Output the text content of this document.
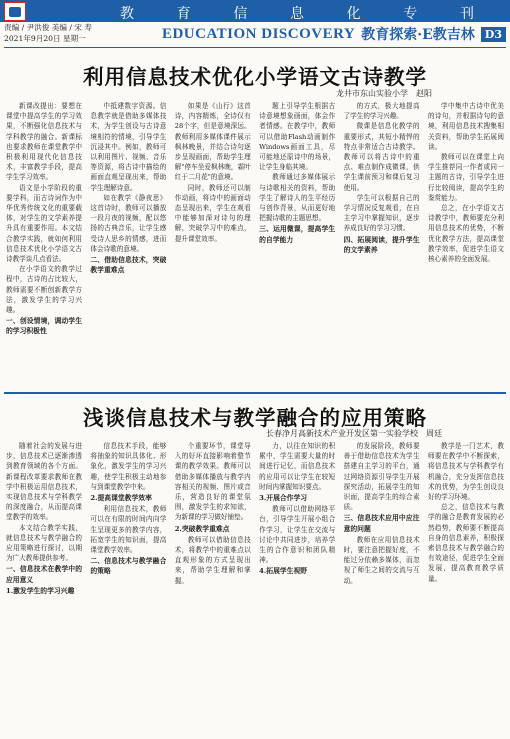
教	育	信	息	化	专	刊
责编 / 尹洪俊 美编 / 宋 寿
2021年9月20日 星期一	EDUCATION DISCOVERY 教育探索·E教吉林 D3
利用信息技术优化小学语文古诗教学
龙井市东山实验小学　赵阳

新课改提出：要想在课堂中提高学生的学习效果，不断强化信息技术与学科教学的融合。新课标也要求教师在课堂教学中积极利用现代化信息技术，丰富教学手段，提高学生学习效率。

语文是小学阶段的重要学科，而古诗词作为中华优秀传统文化的重要载体，对学生的文学素养提升具有重要作用。本文结合教学实践，就如何利用信息技术优化小学语文古诗教学谈几点看法。

在小学语文的教学过程中，古诗的占比较大，教师需要不断创新教学方法，激发学生的学习兴趣。

一、创设情境，调动学生的学习积极性

中抵建数字资源。信息教学就是借助多媒体技术，为学生创设与古诗意境相符的情境，引导学生沉浸其中。例如，教师可以利用图片、视频、音乐等资源，将古诗中描绘的画面直观呈现出来，帮助学生理解诗意。

如在教学《静夜思》这首诗时，教师可以播放一段月夜的视频，配以悠扬的古典音乐，让学生感受诗人思乡的情感，进而体会诗歌的意境。

二、借助信息技术，突破教学重难点

如果是《山行》这首诗，内容精炼，全诗仅有28个字，但是意境深远。教师利用多媒体课件展示枫林晚景，并结合诗句逐步呈现画面，帮助学生理解"停车坐爱枫林晚，霜叶红于二月花"的意境。

同时，教师还可以制作动画，将诗中的画面动态呈现出来，学生在观看中能够加深对诗句的理解，突破学习中的难点，提升课堂效率。

题上引导学生根据古诗意境想象画面，体会作者情感。在教学中，教师可以借助Flash动画制作Windows画面工具，尽可能地还原诗中的场景，让学生身临其境。

教师通过多媒体展示与诗歌相关的资料，帮助学生了解诗人的生平经历与创作背景，从而更好地把握诗歌的主题思想。

三、运用微课，提高学生的自学能力

的方式，极大地提高了学生的学习兴趣。

微课是信息化教学的重要形式，其短小精悍的特点非常适合古诗教学。教师可以将古诗中的重点、难点制作成微课，供学生课前预习和课后复习使用。

学生可以根据自己的学习情况反复观看，在自主学习中掌握知识，逐步养成良好的学习习惯。

四、拓展阅读，提升学生的文学素养

学中集中古诗中优美的诗句，并根据诗句的意境，利用信息技术搜集相关资料，帮助学生拓展阅读。

教师可以在课堂上向学生推荐同一作者或同一主题的古诗，引导学生进行比较阅读，提高学生的鉴赏能力。

总之，在小学语文古诗教学中，教师要充分利用信息技术的优势，不断优化教学方法，提高课堂教学效率，促进学生语文核心素养的全面发展。

浅谈信息技术与教学融合的应用策略
长春净月高新技术产业开发区第一实验学校　周廷

随着社会的发展与进步，信息技术已逐渐渗透到教育领域的各个方面。新课程改革要求教师在教学中积极运用信息技术，实现信息技术与学科教学的深度融合，从而提高课堂教学的效率。

本文结合教学实践，就信息技术与教学融合的应用策略进行探讨，以期为广大教师提供参考。

一、信息技术在教学中的应用意义
1.激发学生的学习兴趣

信息技术手段，能够将抽象的知识具体化、形象化，激发学生的学习兴趣，使学生积极主动地参与到课堂教学中来。

2.提高课堂教学效率

利用信息技术，教师可以在有限的时间内向学生呈现更多的教学内容，拓宽学生的知识面，提高课堂教学效率。

二、信息技术与教学融合的策略

个重要环节，课堂导入的好坏直接影响着整节课的教学效果。教师可以借助多媒体播放与教学内容相关的视频、图片或音乐，营造良好的课堂氛围，激发学生的求知欲，为新课的学习做好铺垫。

2.突破教学重难点

教师可以借助信息技术，将教学中的重难点以直观形象的方式呈现出来，帮助学生理解和掌握。

力，以往在知识的积累中，学生需要大量的时间进行记忆，而信息技术的应用可以让学生在较短时间内掌握知识要点。

3.开展合作学习

教师可以借助网络平台，引导学生开展小组合作学习，让学生在交流与讨论中共同进步，培养学生的合作意识和团队精神。

4.拓展学生视野

的发展阶段，教师要善于借助信息技术为学生搭建自主学习的平台，通过网络资源引导学生开展探究活动，拓展学生的知识面，提高学生的综合素质。

三、信息技术应用中应注意的问题

教师在应用信息技术时，要注意把握好度，不能过分依赖多媒体，而忽视了师生之间的交流与互动。

教学是一门艺术，教师要在教学中不断探索，将信息技术与学科教学有机融合，充分发挥信息技术的优势，为学生创设良好的学习环境。

总之，信息技术与教学的融合是教育发展的必然趋势，教师要不断提高自身的信息素养，积极探索信息技术与教学融合的有效途径，促进学生全面发展，提高教育教学质量。
